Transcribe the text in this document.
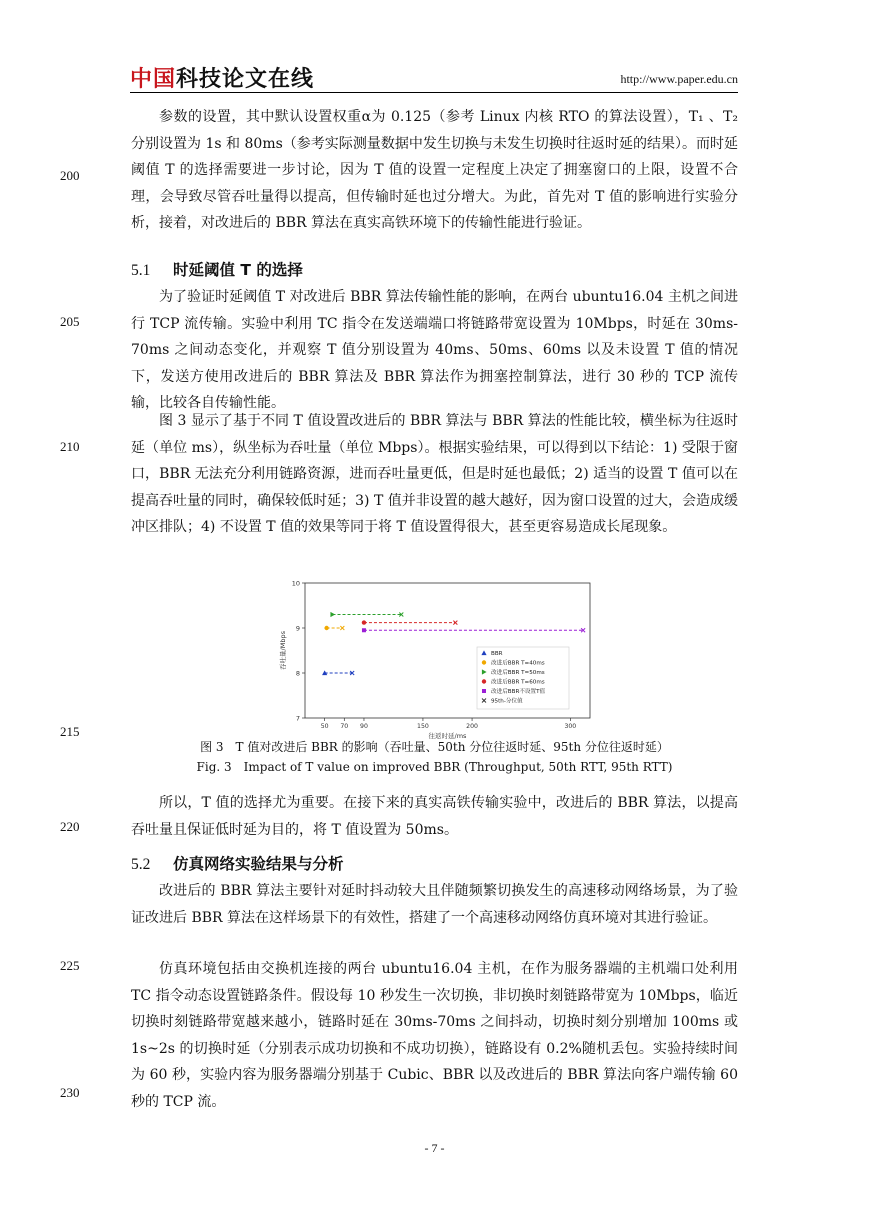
中国科技论文在线	http://www.paper.edu.cn
200
205
210
215
220
225
230

参数的设置，其中默认设置权重α为 0.125（参考 Linux 内核 RTO 的算法设置），T₁ 、T₂ 分别设置为 1s 和 80ms（参考实际测量数据中发生切换与未发生切换时往返时延的结果）。而时延阈值 T 的选择需要进一步讨论，因为 T 值的设置一定程度上决定了拥塞窗口的上限，设置不合理，会导致尽管吞吐量得以提高，但传输时延也过分增大。为此，首先对 T 值的影响进行实验分析，接着，对改进后的 BBR 算法在真实高铁环境下的传输性能进行验证。

5.1 时延阈值 T 的选择

为了验证时延阈值 T 对改进后 BBR 算法传输性能的影响，在两台 ubuntu16.04 主机之间进行 TCP 流传输。实验中利用 TC 指令在发送端端口将链路带宽设置为 10Mbps，时延在 30ms-70ms 之间动态变化，并观察 T 值分别设置为 40ms、50ms、60ms 以及未设置 T 值的情况下，发送方使用改进后的 BBR 算法及 BBR 算法作为拥塞控制算法，进行 30 秒的 TCP 流传输，比较各自传输性能。

图 3 显示了基于不同 T 值设置改进后的 BBR 算法与 BBR 算法的性能比较，横坐标为往返时延（单位 ms），纵坐标为吞吐量（单位 Mbps）。根据实验结果，可以得到以下结论：1) 受限于窗口，BBR 无法充分利用链路资源，进而吞吐量更低，但是时延也最低；2) 适当的设置 T 值可以在提高吞吐量的同时，确保较低时延；3) T 值并非设置的越大越好，因为窗口设置的过大，会造成缓冲区排队；4) 不设置 T 值的效果等同于将 T 值设置得很大，甚至更容易造成长尾现象。

7
8
9
10
50 70 90	150	200	300
往返时延/ms
吞吐量/Mbps	BBR
改进后BBR T=40ms
改进后BBR T=50ms
改进后BBR T=60ms
改进后BBR不设置T值
95th-分位值
图 3　T 值对改进后 BBR 的影响（吞吐量、50th 分位往返时延、95th 分位往返时延）
Fig. 3　Impact of T value on improved BBR (Throughput, 50th RTT, 95th RTT)

所以，T 值的选择尤为重要。在接下来的真实高铁传输实验中，改进后的 BBR 算法，以提高吞吐量且保证低时延为目的，将 T 值设置为 50ms。

5.2 仿真网络实验结果与分析

改进后的 BBR 算法主要针对延时抖动较大且伴随频繁切换发生的高速移动网络场景，为了验证改进后 BBR 算法在这样场景下的有效性，搭建了一个高速移动网络仿真环境对其进行验证。

仿真环境包括由交换机连接的两台 ubuntu16.04 主机，在作为服务器端的主机端口处利用 TC 指令动态设置链路条件。假设每 10 秒发生一次切换，非切换时刻链路带宽为 10Mbps，临近切换时刻链路带宽越来越小，链路时延在 30ms-70ms 之间抖动，切换时刻分别增加 100ms 或 1s~2s 的切换时延（分别表示成功切换和不成功切换），链路设有 0.2%随机丢包。实验持续时间为 60 秒，实验内容为服务器端分别基于 Cubic、BBR 以及改进后的 BBR 算法向客户端传输 60 秒的 TCP 流。

- 7 -
